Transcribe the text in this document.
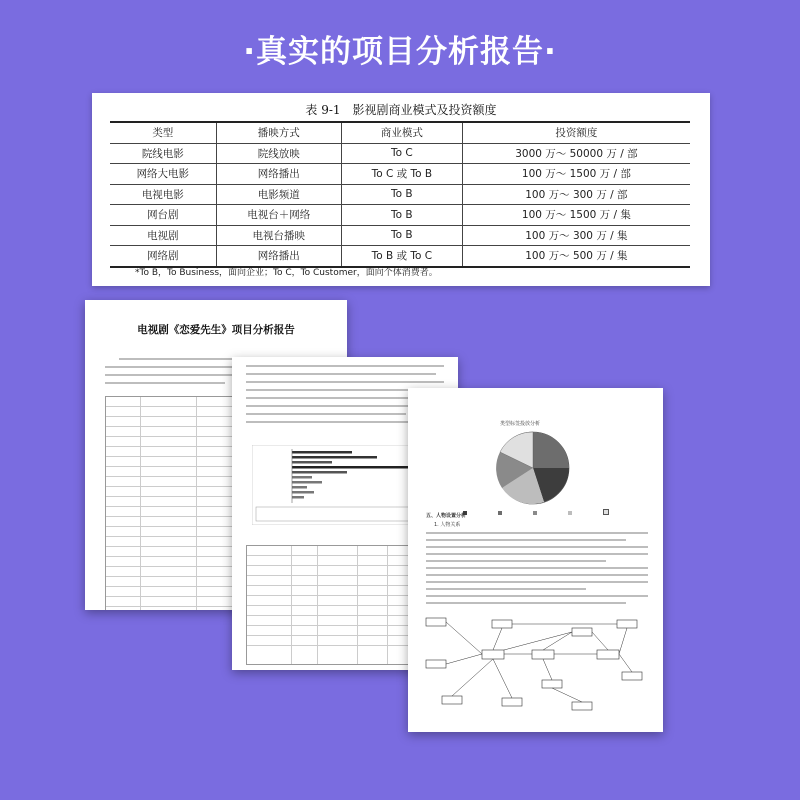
·真实的项目分析报告·
表 9-1　影视剧商业模式及投资额度
类型	播映方式	商业模式	投资额度
院线电影	院线放映	To C	3000 万～ 50000 万 / 部
网络大电影	网络播出	To C 或 To B	100 万～ 1500 万 / 部
电视电影	电影频道	To B	100 万～ 300 万 / 部
网台剧	电视台＋网络	To B	100 万～ 1500 万 / 集
电视剧	电视台播映	To B	100 万～ 300 万 / 集
网络剧	网络播出	To B 或 To C	100 万～ 500 万 / 集
*To B，To Business，面向企业；To C，To Customer，面向个体消费者。
电视剧《恋爱先生》项目分析报告
类型标签投放分析

五、人物设置分析
1. 人物关系
